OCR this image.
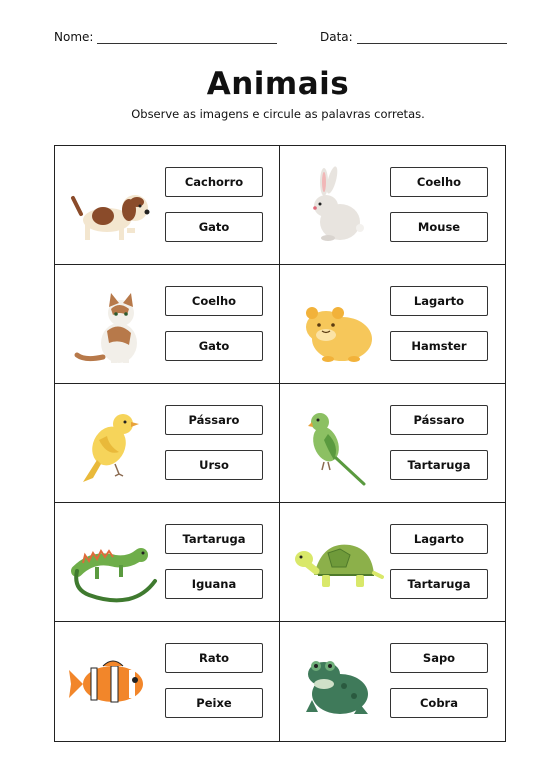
Nome:	Data:
Animais
Observe as imagens e circule as palavras corretas.
Cachorro
Gato
Coelho
Mouse
Coelho
Gato
Lagarto
Hamster
Pássaro
Urso
Pássaro
Tartaruga
Tartaruga
Iguana
Lagarto
Tartaruga
Rato
Peixe
Sapo
Cobra
